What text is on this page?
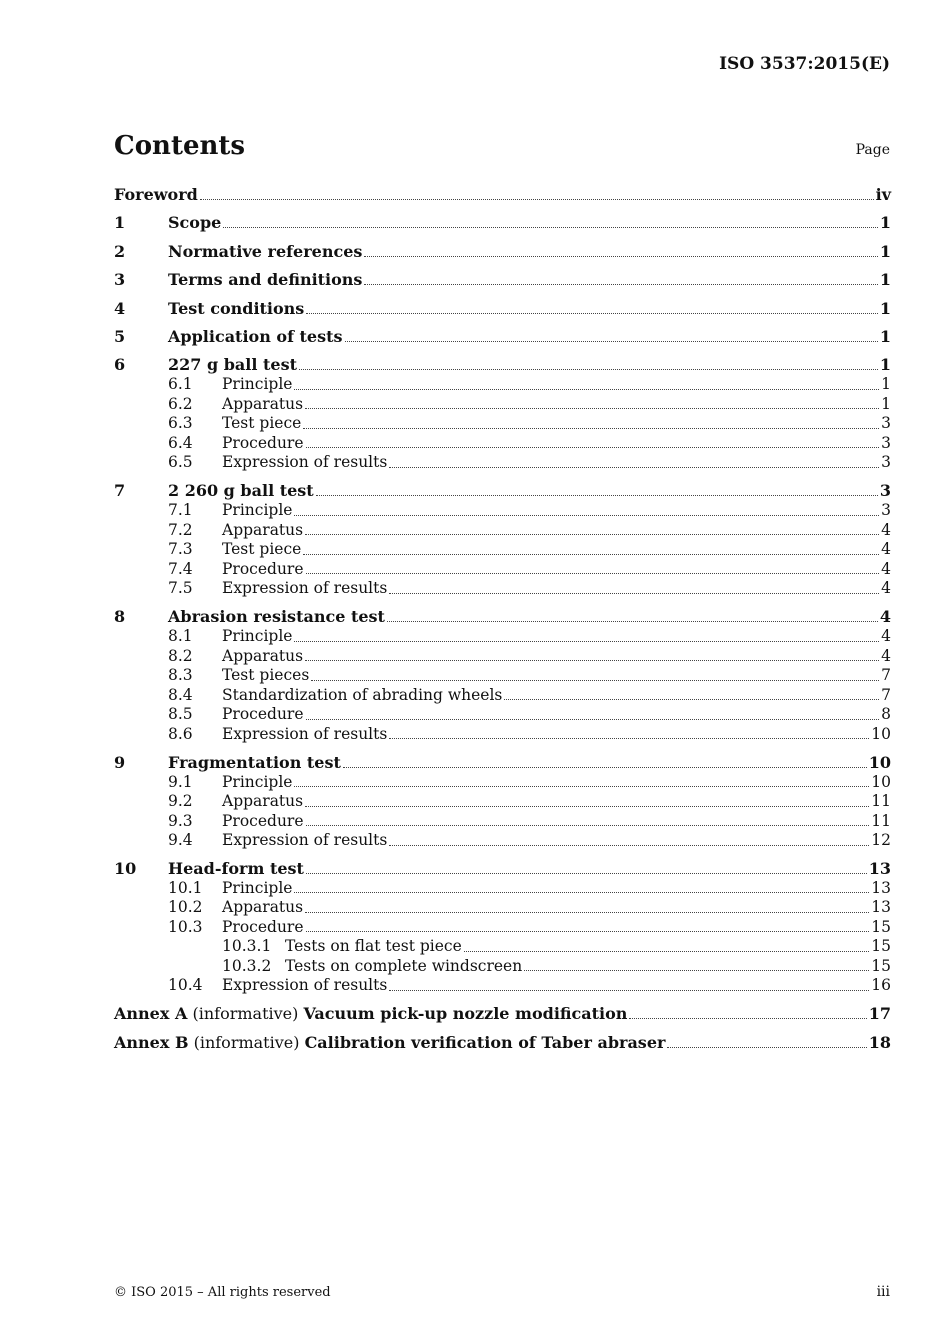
ISO 3537:2015(E)
Contents	Page
Foreword	iv
1	Scope	1
2	Normative references	1
3	Terms and definitions	1
4	Test conditions	1
5	Application of tests	1
6	227 g ball test	1
6.1	Principle	1
6.2	Apparatus	1
6.3	Test piece	3
6.4	Procedure	3
6.5	Expression of results	3
7	2 260 g ball test	3
7.1	Principle	3
7.2	Apparatus	4
7.3	Test piece	4
7.4	Procedure	4
7.5	Expression of results	4
8	Abrasion resistance test	4
8.1	Principle	4
8.2	Apparatus	4
8.3	Test pieces	7
8.4	Standardization of abrading wheels	7
8.5	Procedure	8
8.6	Expression of results	10
9	Fragmentation test	10
9.1	Principle	10
9.2	Apparatus	11
9.3	Procedure	11
9.4	Expression of results	12
10	Head-form test	13
10.1	Principle	13
10.2	Apparatus	13
10.3	Procedure	15
10.3.1 Tests on flat test piece	15
10.3.2 Tests on complete windscreen	15
10.4	Expression of results	16
Annex A (informative) Vacuum pick-up nozzle modification	17
Annex B (informative) Calibration verification of Taber abraser	18
© ISO 2015 – All rights reserved	iii
